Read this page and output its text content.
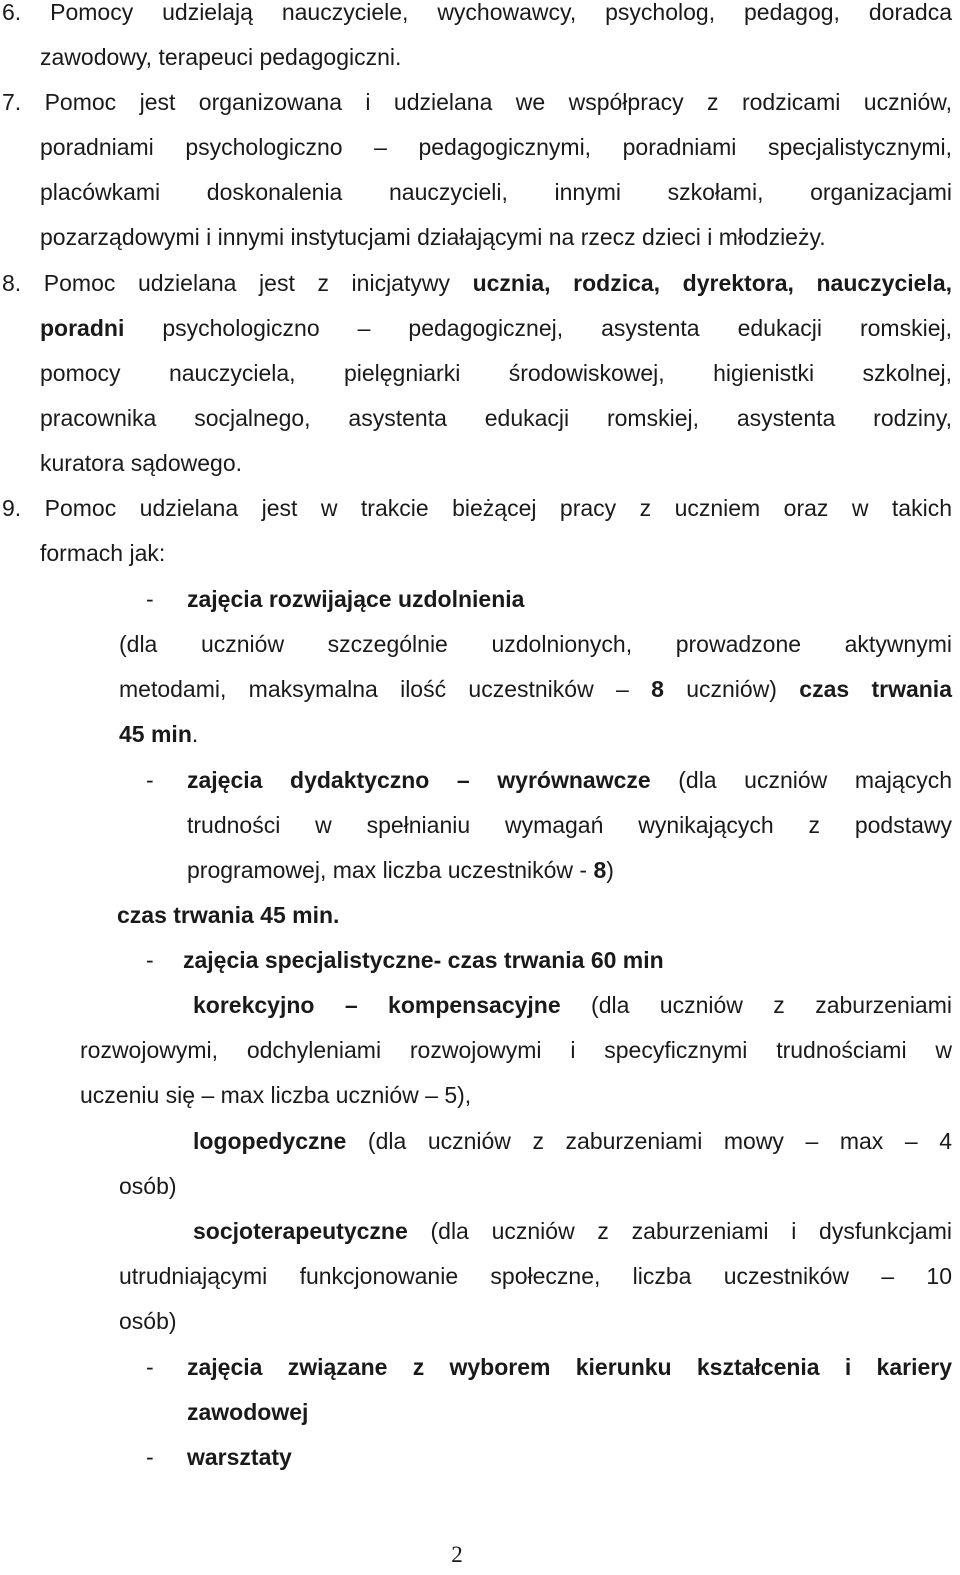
6. Pomocy udzielają nauczyciele, wychowawcy, psycholog, pedagog, doradca

zawodowy, terapeuci pedagogiczni.

7. Pomoc jest organizowana i udzielana we współpracy z rodzicami uczniów,

poradniami psychologiczno – pedagogicznymi, poradniami specjalistycznymi,

placówkami doskonalenia nauczycieli, innymi szkołami, organizacjami

pozarządowymi i innymi instytucjami działającymi na rzecz dzieci i młodzieży.

8. Pomoc udzielana jest z inicjatywy ucznia, rodzica, dyrektora, nauczyciela,

poradni psychologiczno – pedagogicznej, asystenta edukacji romskiej,

pomocy nauczyciela, pielęgniarki środowiskowej, higienistki szkolnej,

pracownika socjalnego, asystenta edukacji romskiej, asystenta rodziny,

kuratora sądowego.

9. Pomoc udzielana jest w trakcie bieżącej pracy z uczniem oraz w takich

formach jak:

- zajęcia rozwijające uzdolnienia

(dla uczniów szczególnie uzdolnionych, prowadzone aktywnymi

metodami, maksymalna ilość uczestników – 8 uczniów) czas trwania

45 min.

- zajęcia dydaktyczno – wyrównawcze (dla uczniów mających

trudności w spełnianiu wymagań wynikających z podstawy

programowej, max liczba uczestników - 8)

czas trwania 45 min.

- zajęcia specjalistyczne- czas trwania 60 min

korekcyjno – kompensacyjne (dla uczniów z zaburzeniami

rozwojowymi, odchyleniami rozwojowymi i specyficznymi trudnościami w

uczeniu się – max liczba uczniów – 5),

logopedyczne (dla uczniów z zaburzeniami mowy – max – 4

osób)

socjoterapeutyczne (dla uczniów z zaburzeniami i dysfunkcjami

utrudniającymi funkcjonowanie społeczne, liczba uczestników – 10

osób)

- zajęcia związane z wyborem kierunku kształcenia i kariery

zawodowej

- warsztaty

2
